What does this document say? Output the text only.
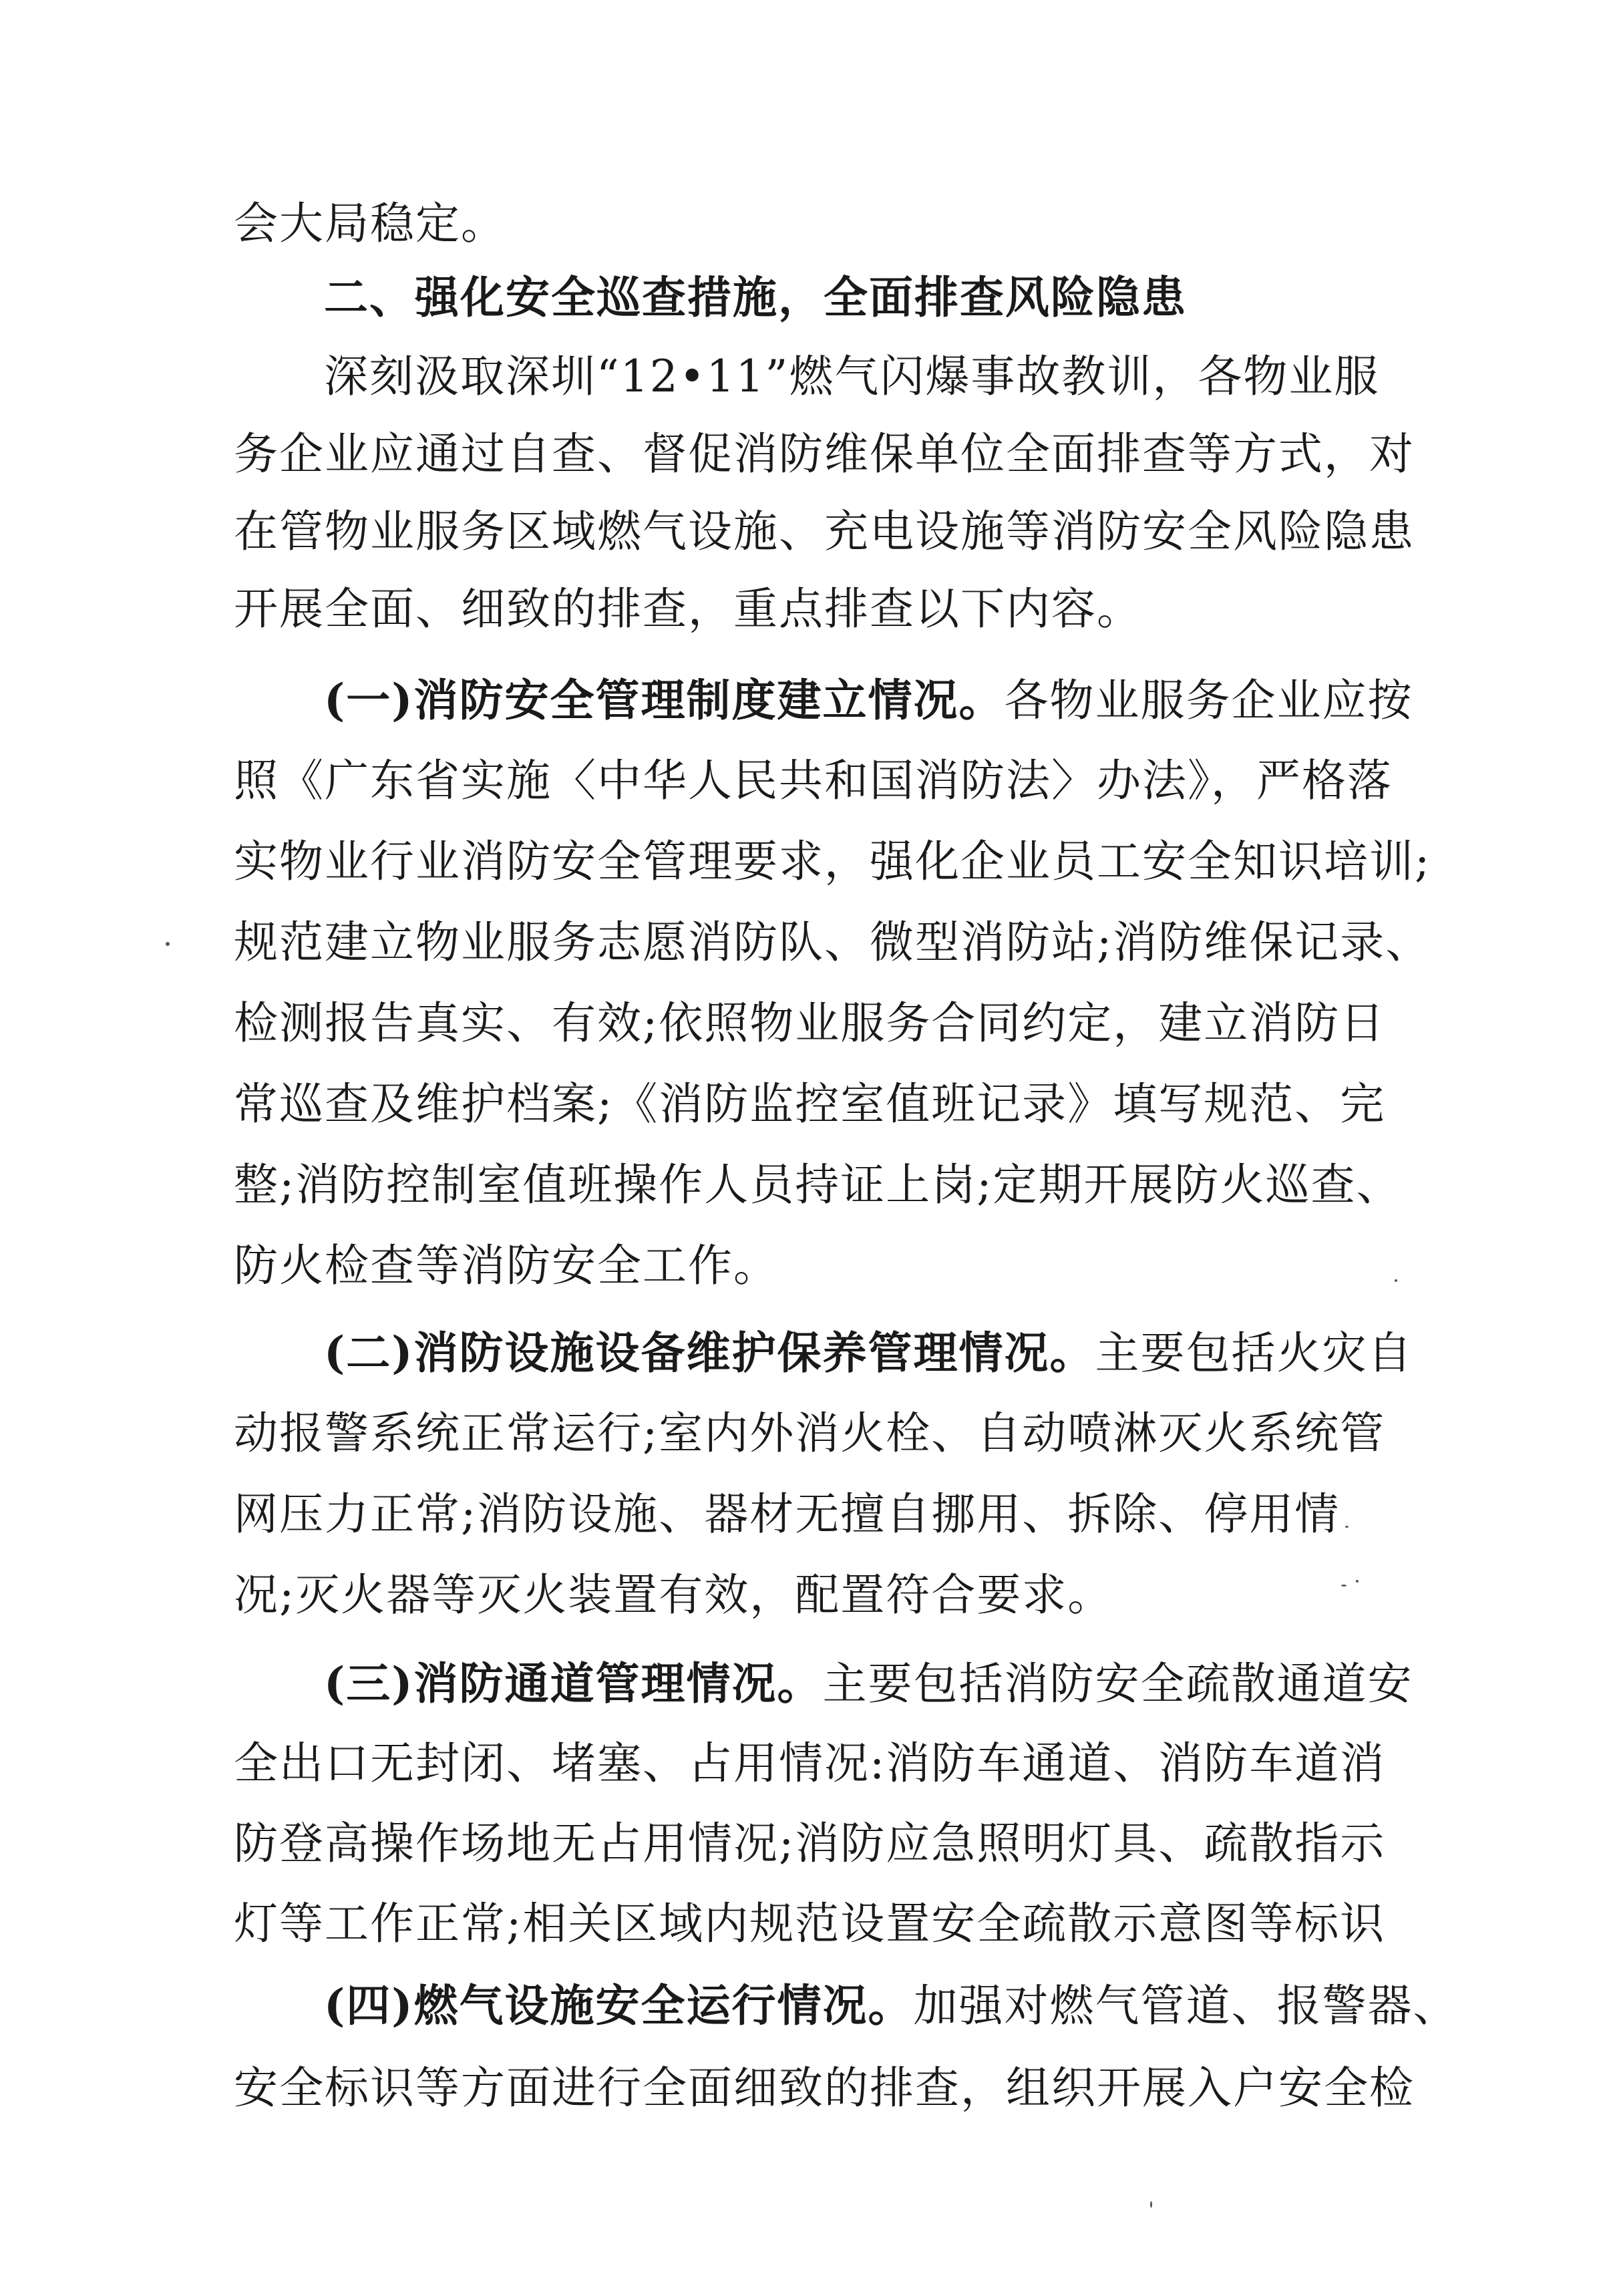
会大局稳定。
二、强化安全巡查措施，全面排查风险隐患
深刻汲取深圳“12•11”燃气闪爆事故教训，各物业服
务企业应通过自查、督促消防维保单位全面排查等方式，对
在管物业服务区域燃气设施、充电设施等消防安全风险隐患
开展全面、细致的排查，重点排查以下内容。
(一)消防安全管理制度建立情况。各物业服务企业应按
照《广东省实施〈中华人民共和国消防法〉办法》，严格落
实物业行业消防安全管理要求，强化企业员工安全知识培训;
规范建立物业服务志愿消防队、微型消防站;消防维保记录、
检测报告真实、有效;依照物业服务合同约定，建立消防日
常巡查及维护档案;《消防监控室值班记录》填写规范、完
整;消防控制室值班操作人员持证上岗;定期开展防火巡查、
防火检查等消防安全工作。
(二)消防设施设备维护保养管理情况。主要包括火灾自
动报警系统正常运行;室内外消火栓、自动喷淋灭火系统管
网压力正常;消防设施、器材无擅自挪用、拆除、停用情
况;灭火器等灭火装置有效，配置符合要求。
(三)消防通道管理情况。主要包括消防安全疏散通道安
全出口无封闭、堵塞、占用情况:消防车通道、消防车道消
防登高操作场地无占用情况;消防应急照明灯具、疏散指示
灯等工作正常;相关区域内规范设置安全疏散示意图等标识
(四)燃气设施安全运行情况。加强对燃气管道、报警器、
安全标识等方面进行全面细致的排查，组织开展入户安全检
